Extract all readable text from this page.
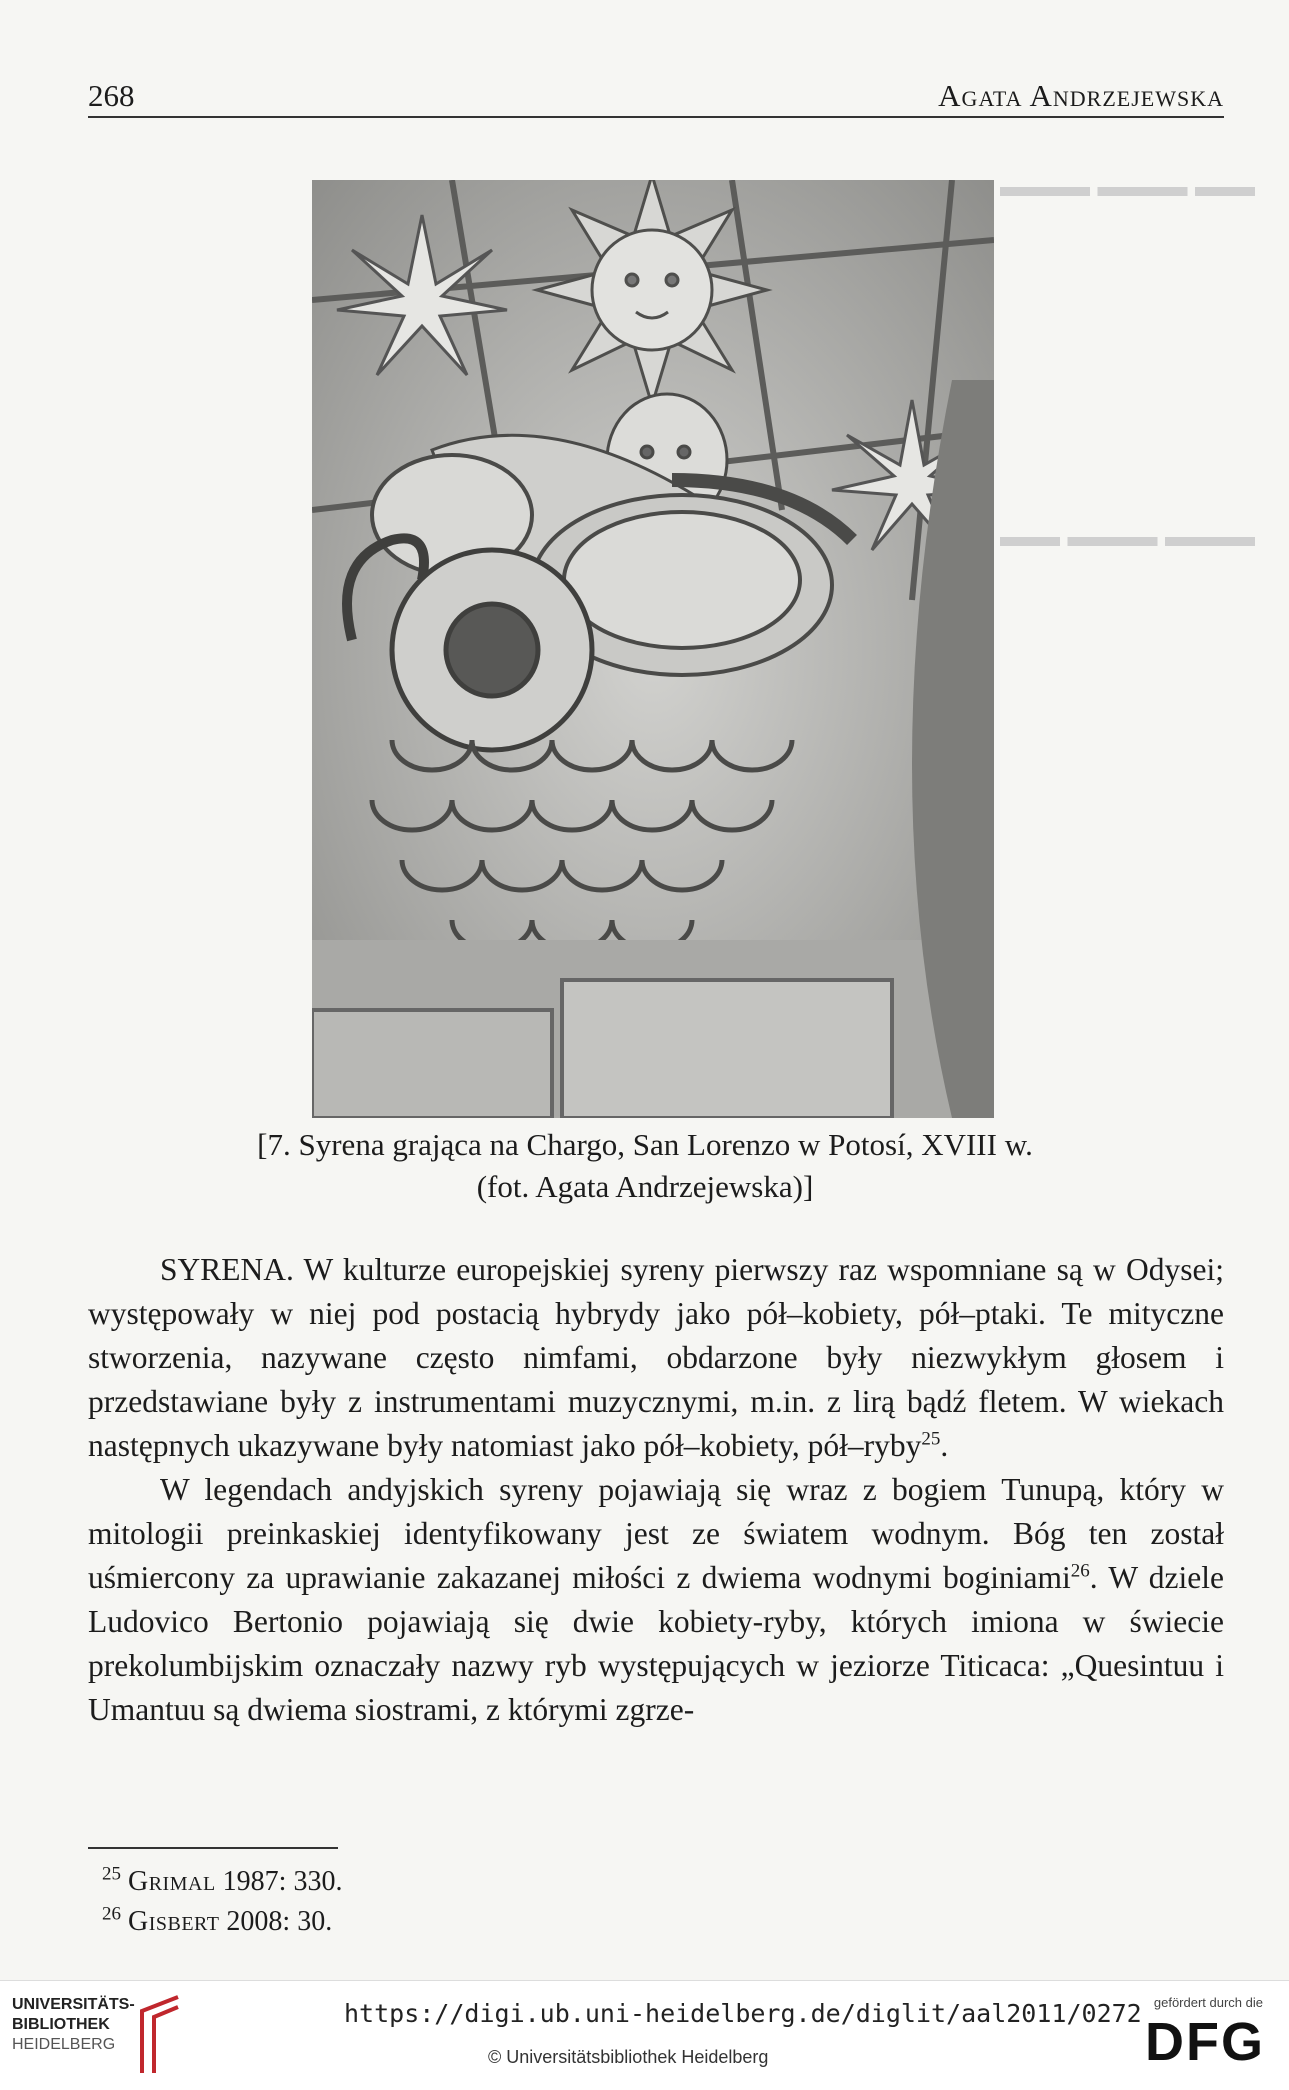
▬▬▬ ▬▬▬ ▬▬
▬▬ ▬▬▬ ▬▬▬
268	Agata Andrzejewska
[7. Syrena grająca na Chargo, San Lorenzo w Potosí, XVIII w.
(fot. Agata Andrzejewska)]

SYRENA. W kulturze europejskiej syreny pierwszy raz wspomniane są w Odysei; występowały w niej pod postacią hybrydy jako pół–kobiety, pół–ptaki. Te mityczne stworzenia, nazywane często nimfami, obdarzone były niezwykłym głosem i przedstawiane były z instrumentami muzycznymi, m.in. z lirą bądź fletem. W wiekach następnych ukazywane były natomiast jako pół–kobiety, pół–ryby$^{25}$.

W legendach andyjskich syreny pojawiają się wraz z bogiem Tunupą, który w mitologii preinkaskiej identyfikowany jest ze światem wodnym. Bóg ten został uśmiercony za uprawianie zakazanej miłości z dwiema wodnymi boginiami$^{26}$. W dziele Ludovico Bertonio pojawiają się dwie kobiety-ryby, których imiona w świecie prekolumbijskim oznaczały nazwy ryb występujących w jeziorze Titicaca: „Quesintuu i Umantuu są dwiema siostrami, z którymi zgrze-

$^{25}$ Grimal 1987: 330.
$^{26}$ Gisbert 2008: 30.
UNIVERSITÄTS-
BIBLIOTHEK
HEIDELBERG
https://digi.ub.uni-heidelberg.de/diglit/aal2011/0272
© Universitätsbibliothek Heidelberg
gefördert durch die
DFG
